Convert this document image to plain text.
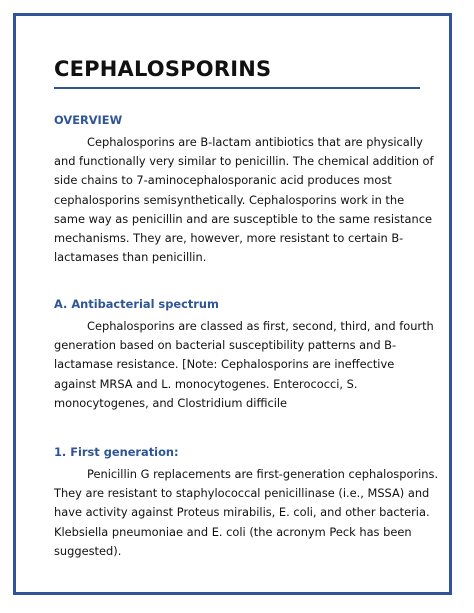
CEPHALOSPORINS
OVERVIEW
Cephalosporins are B-lactam antibiotics that are physically
and functionally very similar to penicillin. The chemical addition of
side chains to 7-aminocephalosporanic acid produces most
cephalosporins semisynthetically. Cephalosporins work in the
same way as penicillin and are susceptible to the same resistance
mechanisms. They are, however, more resistant to certain B-
lactamases than penicillin.
A. Antibacterial spectrum
Cephalosporins are classed as first, second, third, and fourth
generation based on bacterial susceptibility patterns and B-
lactamase resistance. [Note: Cephalosporins are ineffective
against MRSA and L. monocytogenes. Enterococci, S.
monocytogenes, and Clostridium difficile
1. First generation:
Penicillin G replacements are first-generation cephalosporins.
They are resistant to staphylococcal penicillinase (i.e., MSSA) and
have activity against Proteus mirabilis, E. coli, and other bacteria.
Klebsiella pneumoniae and E. coli (the acronym Peck has been
suggested).
